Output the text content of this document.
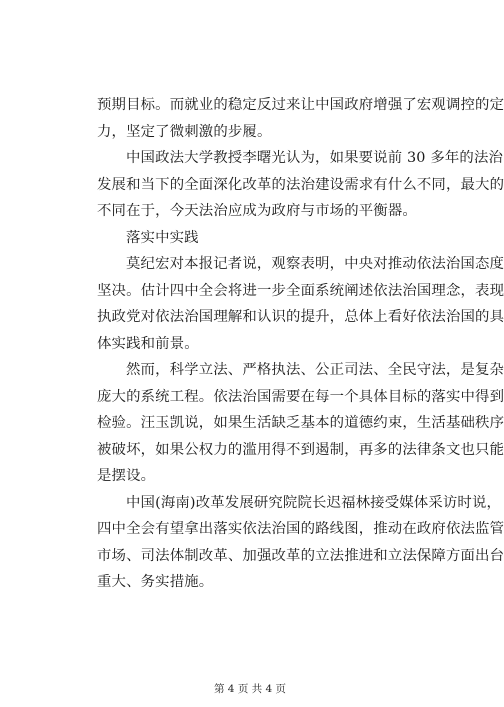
预期目标。而就业的稳定反过来让中国政府增强了宏观调控的定
力，坚定了微刺激的步履。
中国政法大学教授李曙光认为，如果要说前 30 多年的法治
发展和当下的全面深化改革的法治建设需求有什么不同，最大的
不同在于，今天法治应成为政府与市场的平衡器。
落实中实践
莫纪宏对本报记者说，观察表明，中央对推动依法治国态度
坚决。估计四中全会将进一步全面系统阐述依法治国理念，表现
执政党对依法治国理解和认识的提升，总体上看好依法治国的具
体实践和前景。
然而，科学立法、严格执法、公正司法、全民守法，是复杂
庞大的系统工程。依法治国需要在每一个具体目标的落实中得到
检验。汪玉凯说，如果生活缺乏基本的道德约束，生活基础秩序
被破坏，如果公权力的滥用得不到遏制，再多的法律条文也只能
是摆设。
中国(海南)改革发展研究院院长迟福林接受媒体采访时说，
四中全会有望拿出落实依法治国的路线图，推动在政府依法监管
市场、司法体制改革、加强改革的立法推进和立法保障方面出台
重大、务实措施。
第 4 页 共 4 页
